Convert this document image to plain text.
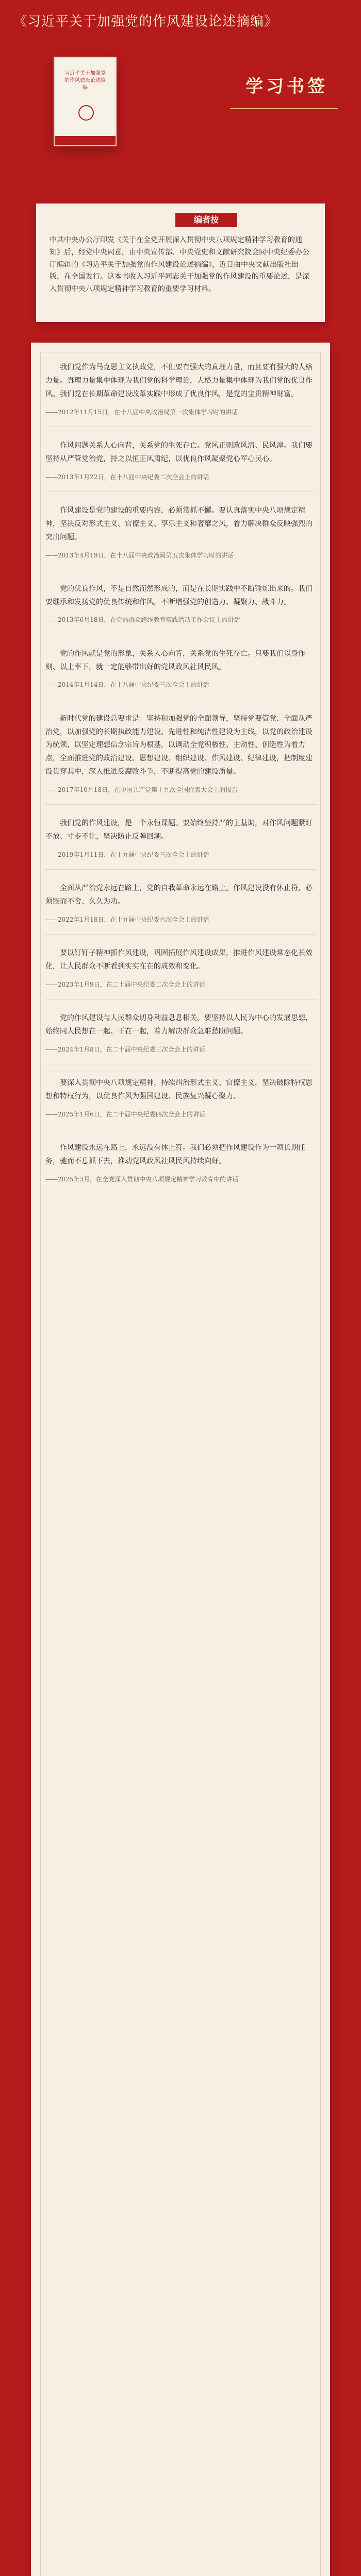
《习近平关于加强党的作风建设论述摘编》
习近平关于加强党的作风建设论述摘编	学习书签
编者按
中共中央办公厅印发《关于在全党开展深入贯彻中央八项规定精神学习教育的通知》后，经党中央同意，由中央宣传部、中央党史和文献研究院会同中央纪委办公厅编辑的《习近平关于加强党的作风建设论述摘编》，近日由中央文献出版社出版，在全国发行。这本书收入习近平同志关于加强党的作风建设的重要论述，是深入贯彻中央八项规定精神学习教育的重要学习材料。

我们党作为马克思主义执政党，不但要有强大的真理力量，而且要有强大的人格力量。真理力量集中体现为我们党的科学理论，人格力量集中体现为我们党的优良作风。我们党在长期革命建设改革实践中形成了优良作风，是党的宝贵精神财富。

——2012年11月15日，在十八届中央政治局第一次集体学习时的讲话

作风问题关系人心向背，关系党的生死存亡。党风正则政风清、民风淳。我们要坚持从严管党治党，持之以恒正风肃纪，以优良作风凝聚党心军心民心。

——2013年1月22日，在十八届中央纪委二次全会上的讲话

作风建设是党的建设的重要内容，必须常抓不懈。要认真落实中央八项规定精神，坚决反对形式主义、官僚主义、享乐主义和奢靡之风，着力解决群众反映强烈的突出问题。

——2013年4月19日，在十八届中央政治局第五次集体学习时的讲话

党的优良作风，不是自然而然形成的，而是在长期实践中不断锤炼出来的。我们要继承和发扬党的优良传统和作风，不断增强党的创造力、凝聚力、战斗力。

——2013年6月18日，在党的群众路线教育实践活动工作会议上的讲话

党的作风就是党的形象，关系人心向背，关系党的生死存亡。只要我们以身作则、以上率下，就一定能够带出好的党风政风社风民风。

——2014年1月14日，在十八届中央纪委三次全会上的讲话

新时代党的建设总要求是：坚持和加强党的全面领导，坚持党要管党、全面从严治党，以加强党的长期执政能力建设、先进性和纯洁性建设为主线，以党的政治建设为统领，以坚定理想信念宗旨为根基，以调动全党积极性、主动性、创造性为着力点，全面推进党的政治建设、思想建设、组织建设、作风建设、纪律建设，把制度建设贯穿其中，深入推进反腐败斗争，不断提高党的建设质量。

——2017年10月18日，在中国共产党第十九次全国代表大会上的报告

我们党的作风建设，是一个永恒课题。要始终坚持严的主基调，对作风问题紧盯不放、寸步不让，坚决防止反弹回潮。

——2019年1月11日，在十九届中央纪委三次全会上的讲话

全面从严治党永远在路上，党的自我革命永远在路上。作风建设没有休止符，必须锲而不舍、久久为功。

——2022年1月18日，在十九届中央纪委六次全会上的讲话

要以钉钉子精神抓作风建设，巩固拓展作风建设成果，推进作风建设常态化长效化，让人民群众不断看到实实在在的成效和变化。

——2023年1月9日，在二十届中央纪委二次全会上的讲话

党的作风建设与人民群众切身利益息息相关。要坚持以人民为中心的发展思想，始终同人民想在一起、干在一起，着力解决群众急难愁盼问题。

——2024年1月8日，在二十届中央纪委三次全会上的讲话

要深入贯彻中央八项规定精神，持续纠治形式主义、官僚主义，坚决破除特权思想和特权行为，以优良作风为强国建设、民族复兴凝心聚力。

——2025年1月6日，在二十届中央纪委四次全会上的讲话

作风建设永远在路上，永远没有休止符。我们必须把作风建设作为一项长期任务，驰而不息抓下去，推动党风政风社风民风持续向好。

——2025年3月，在全党深入贯彻中央八项规定精神学习教育中的讲话
